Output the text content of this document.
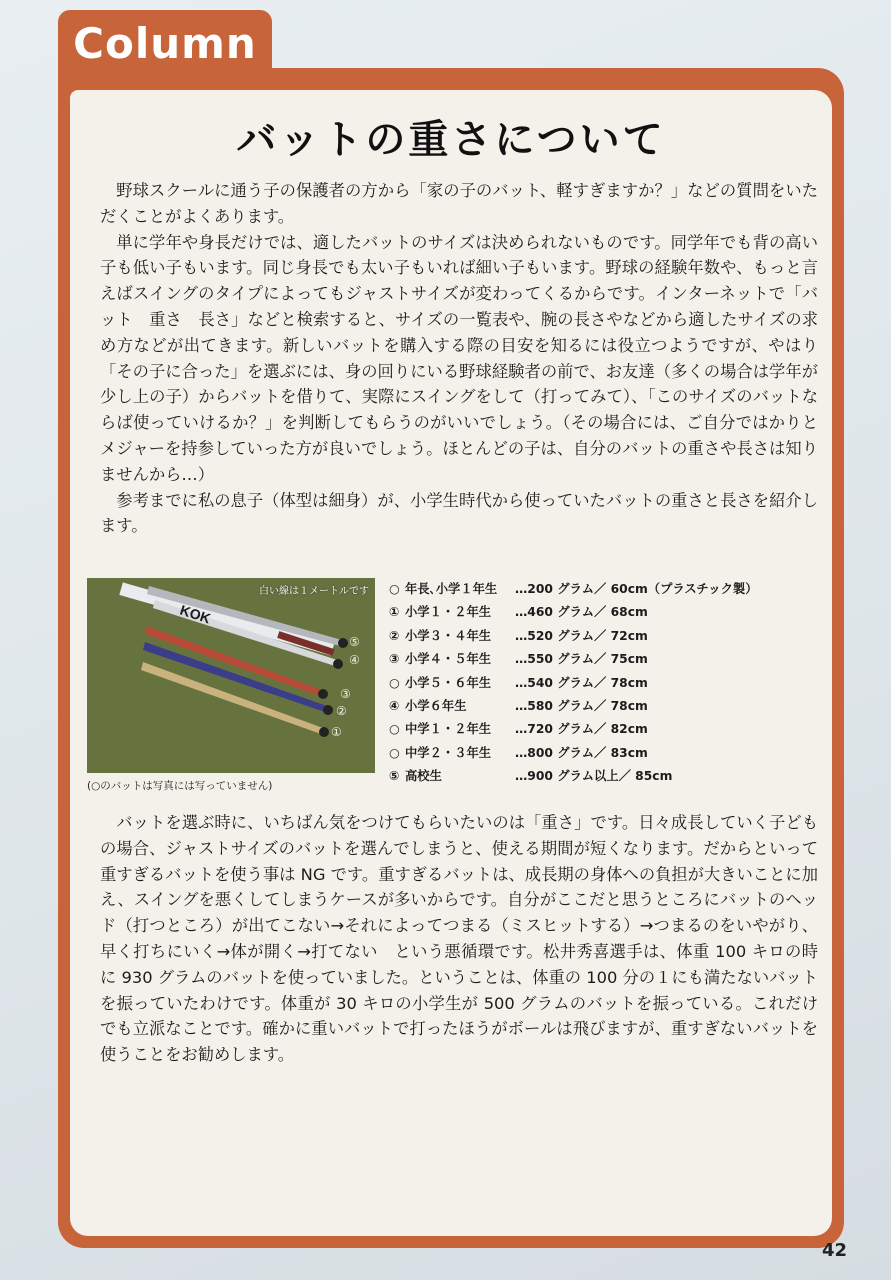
Column
バットの重さについて

野球スクールに通う子の保護者の方から「家の子のバット、軽すぎますか？」などの質問をいただくことがよくあります。

単に学年や身長だけでは、適したバットのサイズは決められないものです。同学年でも背の高い子も低い子もいます。同じ身長でも太い子もいれば細い子もいます。野球の経験年数や、もっと言えばスイングのタイプによってもジャストサイズが変わってくるからです。インターネットで「バット　重さ　長さ」などと検索すると、サイズの一覧表や、腕の長さやなどから適したサイズの求め方などが出てきます。新しいバットを購入する際の目安を知るには役立つようですが、やはり「その子に合った」を選ぶには、身の回りにいる野球経験者の前で、お友達（多くの場合は学年が少し上の子）からバットを借りて、実際にスイングをして（打ってみて）、「このサイズのバットならば使っていけるか？」を判断してもらうのがいいでしょう。（その場合には、ご自分ではかりとメジャーを持参していった方が良いでしょう。ほとんどの子は、自分のバットの重さや長さは知りませんから…）

参考までに私の息子（体型は細身）が、小学生時代から使っていたバットの重さと長さを紹介します。

KOK
⑤
④
③
②
①
白い線は１メートルです
(○のバットは写真には写っていません)
○ 年長､小学１年生	…200 グラム／ 60cm（プラスチック製）
① 小学１・２年生	…460 グラム／ 68cm
② 小学３・４年生	…520 グラム／ 72cm
③ 小学４・５年生	…550 グラム／ 75cm
○ 小学５・６年生	…540 グラム／ 78cm
④ 小学６年生	…580 グラム／ 78cm
○ 中学１・２年生	…720 グラム／ 82cm
○ 中学２・３年生	…800 グラム／ 83cm
⑤ 高校生	…900 グラム以上／ 85cm

バットを選ぶ時に、いちばん気をつけてもらいたいのは「重さ」です。日々成長していく子どもの場合、ジャストサイズのバットを選んでしまうと、使える期間が短くなります。だからといって重すぎるバットを使う事は NG です。重すぎるバットは、成長期の身体への負担が大きいことに加え、スイングを悪くしてしまうケースが多いからです。自分がここだと思うところにバットのヘッド（打つところ）が出てこない→それによってつまる（ミスヒットする）→つまるのをいやがり、早く打ちにいく→体が開く→打てない　という悪循環です。松井秀喜選手は、体重 100 キロの時に 930 グラムのバットを使っていました。ということは、体重の 100 分の１にも満たないバットを振っていたわけです。体重が 30 キロの小学生が 500 グラムのバットを振っている。これだけでも立派なことです。確かに重いバットで打ったほうがボールは飛びますが、重すぎないバットを使うことをお勧めします。

42
